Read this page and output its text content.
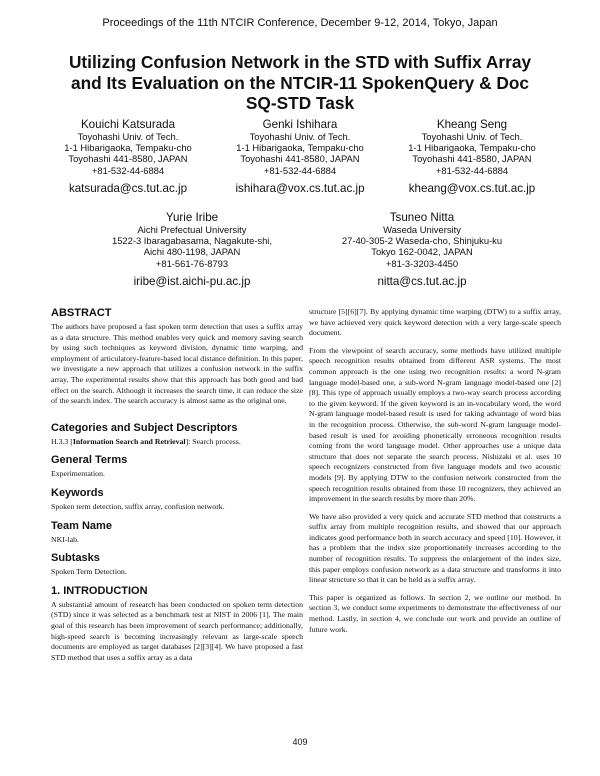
Proceedings of the 11th NTCIR Conference, December 9-12, 2014, Tokyo, Japan
Utilizing Confusion Network in the STD with Suffix Array
and Its Evaluation on the NTCIR-11 SpokenQuery & Doc
SQ-STD Task
Kouichi Katsurada
Toyohashi Univ. of Tech.
1-1 Hibarigaoka, Tempaku-cho
Toyohashi 441-8580, JAPAN
+81-532-44-6884
katsurada@cs.tut.ac.jp
Genki Ishihara
Toyohashi Univ. of Tech.
1-1 Hibarigaoka, Tempaku-cho
Toyohashi 441-8580, JAPAN
+81-532-44-6884
ishihara@vox.cs.tut.ac.jp
Kheang Seng
Toyohashi Univ. of Tech.
1-1 Hibarigaoka, Tempaku-cho
Toyohashi 441-8580, JAPAN
+81-532-44-6884
kheang@vox.cs.tut.ac.jp
Yurie Iribe
Aichi Prefectual University
1522-3 Ibaragabasama, Nagakute-shi,
Aichi 480-1198, JAPAN
+81-561-76-8793
iribe@ist.aichi-pu.ac.jp
Tsuneo Nitta
Waseda University
27-40-305-2 Waseda-cho, Shinjuku-ku
Tokyo 162-0042, JAPAN
+81-3-3203-4450
nitta@cs.tut.ac.jp
ABSTRACT

The authors have proposed a fast spoken term detection that uses a suffix array as a data structure. This method enables very quick and memory saving search by using such techniques as keyword division, dynamic time warping, and employment of articulatory-feature-based local distance definition. In this paper, we investigate a new approach that utilizes a confusion network in the suffix array. The experimental results show that this approach has both good and bad effect on the search. Although it increases the search time, it can reduce the size of the search index. The search accuracy is almost same as the original one.

Categories and Subject Descriptors

H.3.3 [Information Search and Retrieval]: Search process.

General Terms

Experimentation.

Keywords

Spoken term detection, suffix array, confusion network.

Team Name

NKI-lab.

Subtasks

Spoken Term Detection.

1. INTRODUCTION

A substantial amount of research has been conducted on spoken term detection (STD) since it was selected as a benchmark test at NIST in 2006 [1]. The main goal of this research has been improvement of search performance; additionally, high-speed search is becoming increasingly relevant as large-scale speech documents are employed as target databases [2][3][4]. We have proposed a fast STD method that uses a suffix array as a data

structure [5][6][7]. By applying dynamic time warping (DTW) to a suffix array, we have achieved very quick keyword detection with a very large-scale speech document.

From the viewpoint of search accuracy, some methods have utilized multiple speech recognition results obtained from different ASR systems. The most common approach is the one using two recognition results: a word N-gram language model-based one, a sub-word N-gram language model-based one [2][8]. This type of approach usually employs a two-way search process according to the given keyword. If the given keyword is an in-vocabulary word, the word N-gram language model-based result is used for taking advantage of word bias in the recognition process. Otherwise, the sub-word N-gram language model-based result is used for avoiding phonetically erroneous recognition results coming from the word language model. Other approaches use a unique data structure that does not separate the search process. Nishizaki et al. uses 10 speech recognizers constructed from five language models and two acoustic models [9]. By applying DTW to the confusion network constructed from the speech recognition results obtained from these 10 recognizers, they achieved an improvement in the search results by more than 20%.

We have also provided a very quick and accurate STD method that constructs a suffix array from multiple recognition results, and showed that our approach indicates good performance both in search accuracy and speed [10]. However, it has a problem that the index size proportionately increases according to the number of recognition results. To suppress the enlargement of the index size, this paper employs confusion network as a data structure and transforms it into linear structure so that it can be held as a suffix array.

This paper is organized as follows. In section 2, we outline our method. In section 3, we conduct some experiments to demonstrate the effectiveness of our method. Lastly, in section 4, we conclude our work and provide an outline of future work.

409
